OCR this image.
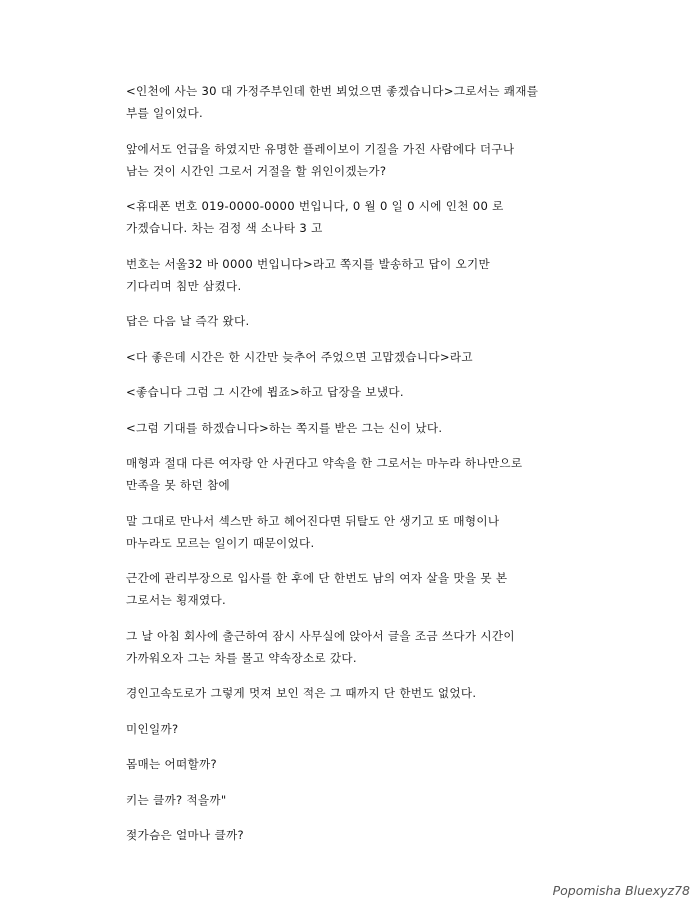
<인천에 사는 30 대 가정주부인데 한번 뵈었으면 좋겠습니다>그로서는 쾌재를
부를 일이었다.
앞에서도 언급을 하였지만 유명한 플레이보이 기질을 가진 사람에다 더구나
남는 것이 시간인 그로서 거절을 할 위인이겠는가?
<휴대폰 번호 019-0000-0000 번입니다, 0 월 0 일 0 시에 인천 00 로
가겠습니다. 차는 검정 색 소나타 3 고
번호는 서울32 바 0000 번입니다>라고 쪽지를 발송하고 답이 오기만
기다리며 침만 삼켰다.
답은 다음 날 즉각 왔다.
<다 좋은데 시간은 한 시간만 늦추어 주었으면 고맙겠습니다>라고
<좋습니다 그럼 그 시간에 뵙죠>하고 답장을 보냈다.
<그럼 기대를 하겠습니다>하는 쪽지를 받은 그는 신이 났다.
매형과 절대 다른 여자랑 안 사귄다고 약속을 한 그로서는 마누라 하나만으로
만족을 못 하던 참에
말 그대로 만나서 섹스만 하고 헤어진다면 뒤탈도 안 생기고 또 매형이나
마누라도 모르는 일이기 때문이었다.
근간에 관리부장으로 입사를 한 후에 단 한번도 남의 여자 살을 맛을 못 본
그로서는 횡재였다.
그 날 아침 회사에 출근하여 잠시 사무실에 앉아서 글을 조금 쓰다가 시간이
가까워오자 그는 차를 몰고 약속장소로 갔다.
경인고속도로가 그렇게 멋져 보인 적은 그 때까지 단 한번도 없었다.
미인일까?
몸매는 어떠할까?
키는 클까? 적을까"
젖가슴은 얼마나 클까?
Popomisha Bluexyz78
